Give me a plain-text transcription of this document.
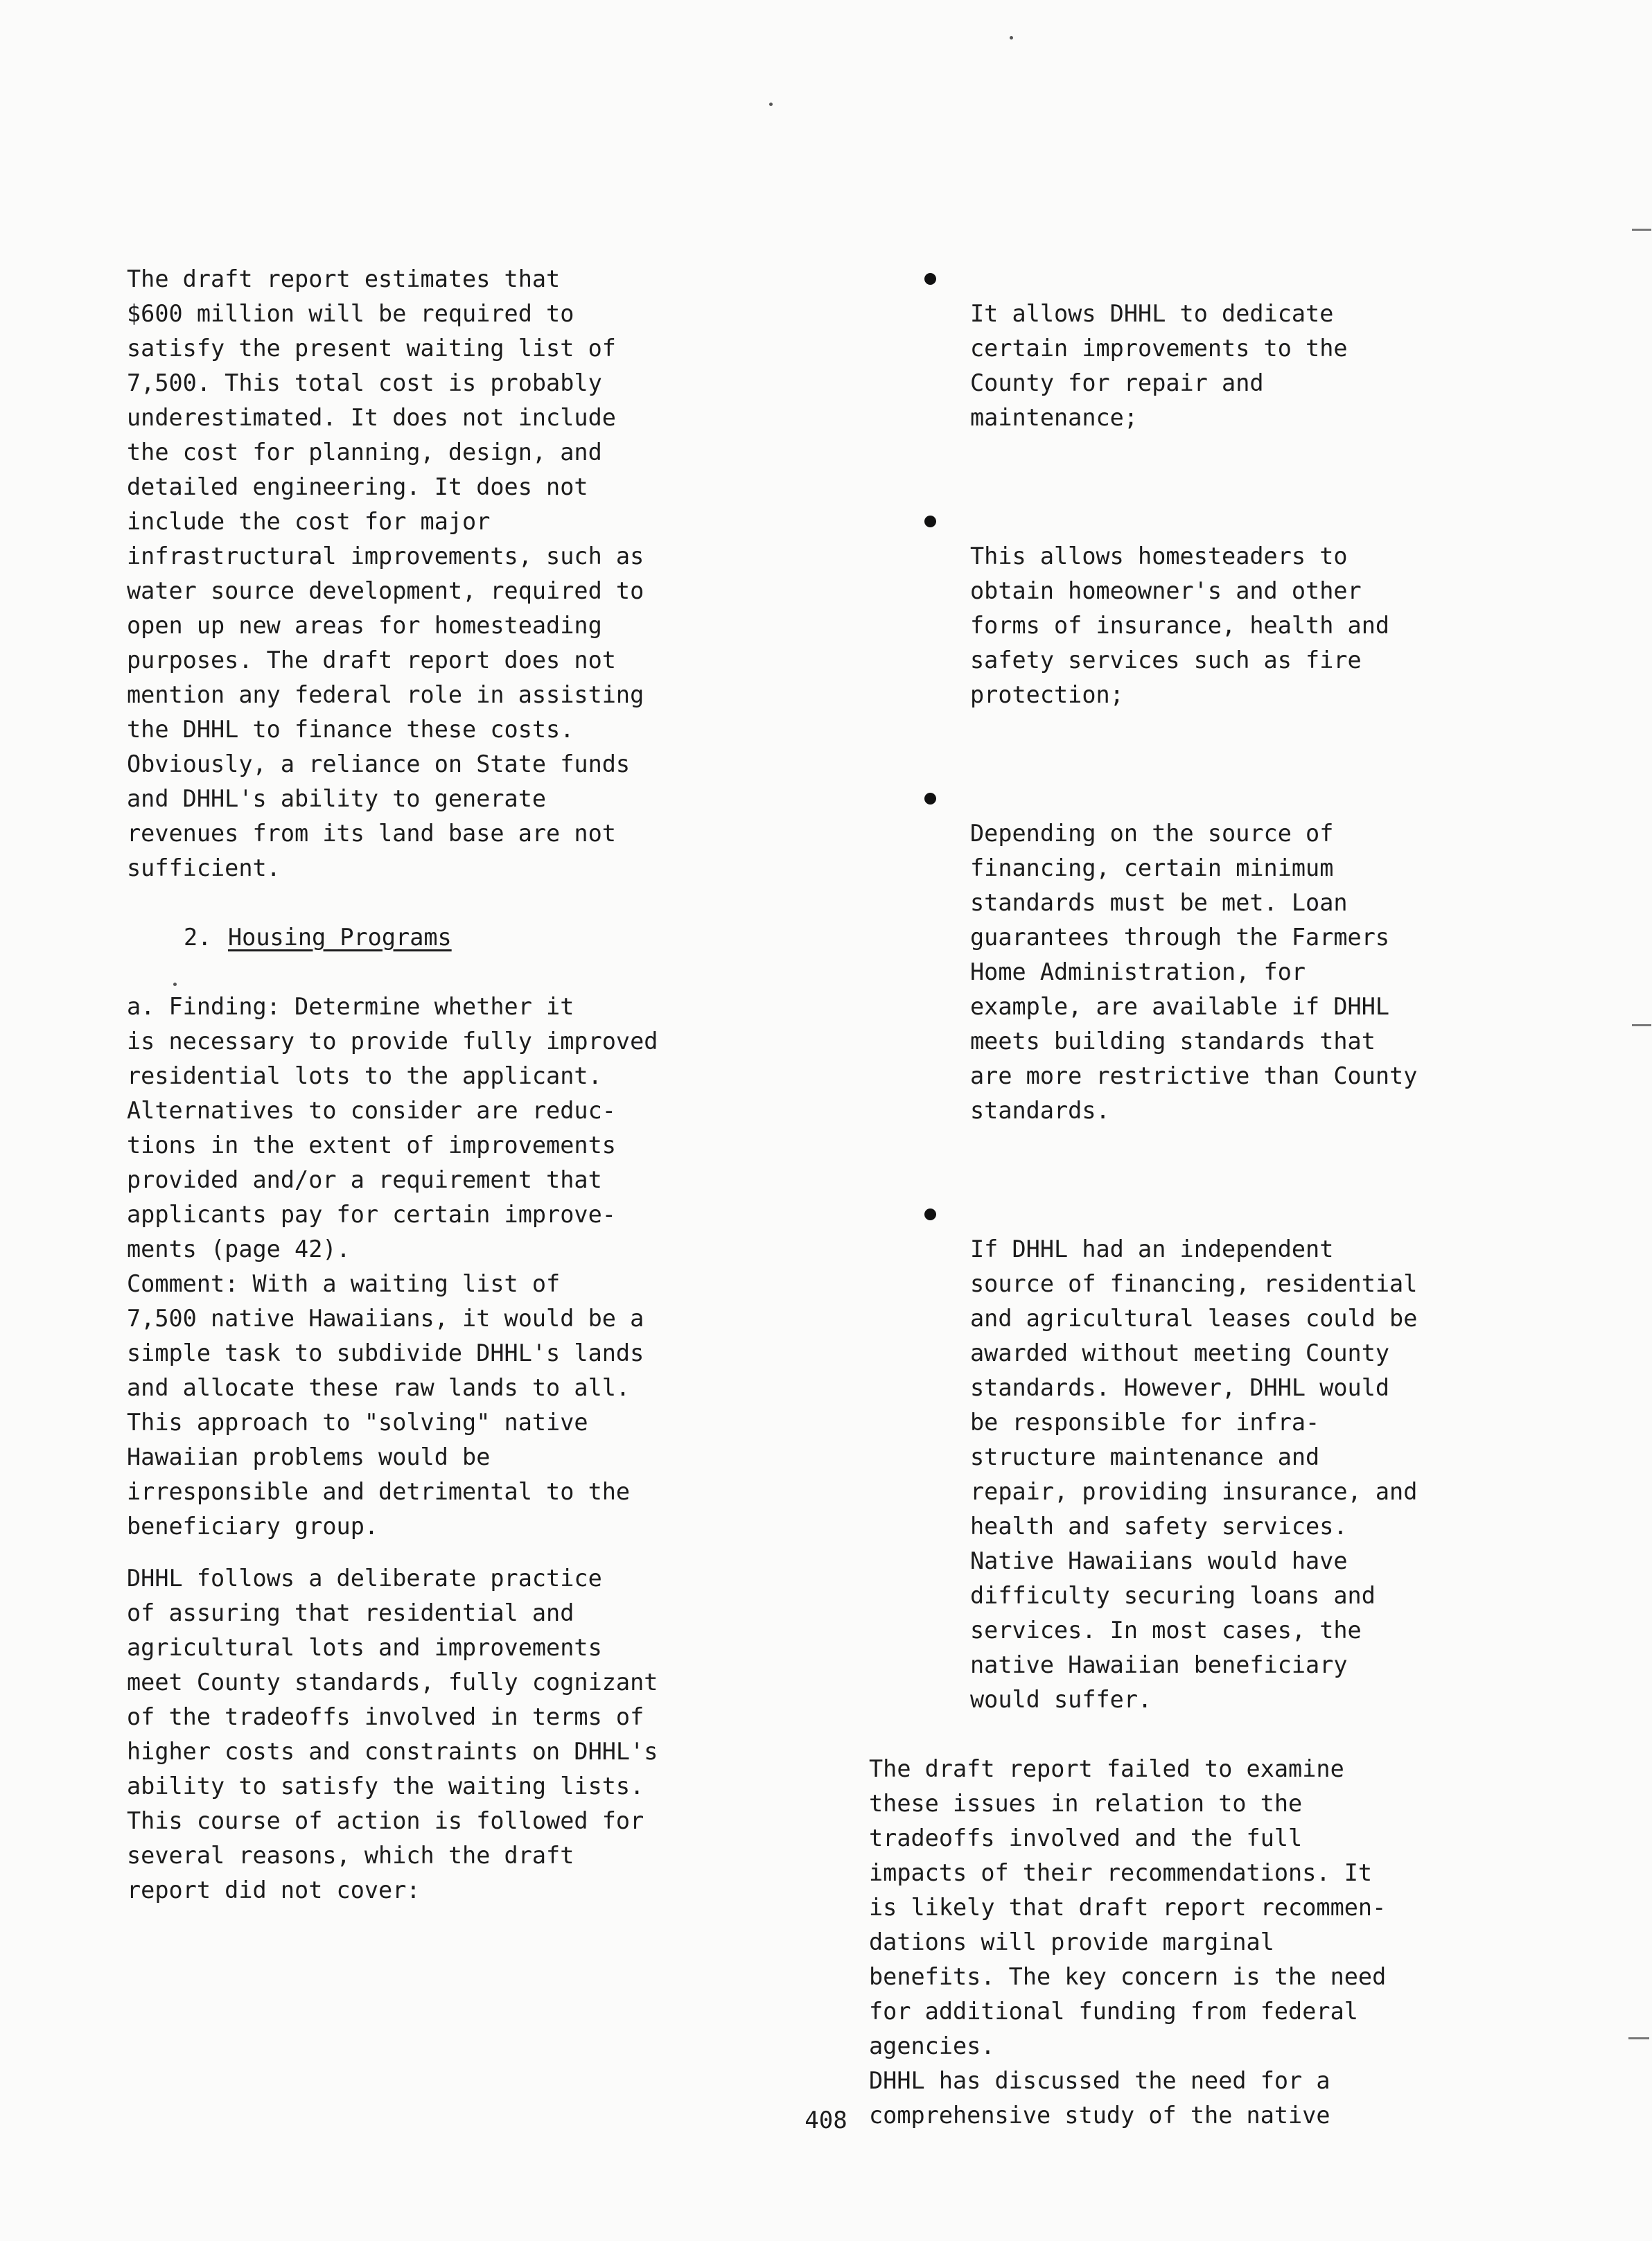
The draft report estimates that
$600 million will be required to
satisfy the present waiting list of
7,500. This total cost is probably
underestimated. It does not include
the cost for planning, design, and
detailed engineering. It does not
include the cost for major
infrastructural improvements, such as
water source development, required to
open up new areas for homesteading
purposes. The draft report does not
mention any federal role in assisting
the DHHL to finance these costs.
Obviously, a reliance on State funds
and DHHL's ability to generate
revenues from its land base are not
sufficient.

2. Housing Programs

a. Finding: Determine whether it
is necessary to provide fully improved
residential lots to the applicant.
Alternatives to consider are reduc-
tions in the extent of improvements
provided and/or a requirement that
applicants pay for certain improve-
ments (page 42).

Comment: With a waiting list of
7,500 native Hawaiians, it would be a
simple task to subdivide DHHL's lands
and allocate these raw lands to all.
This approach to "solving" native
Hawaiian problems would be
irresponsible and detrimental to the
beneficiary group.

DHHL follows a deliberate practice
of assuring that residential and
agricultural lots and improvements
meet County standards, fully cognizant
of the tradeoffs involved in terms of
higher costs and constraints on DHHL's
ability to satisfy the waiting lists.
This course of action is followed for
several reasons, which the draft
report did not cover:

It allows DHHL to dedicate
certain improvements to the
County for repair and
maintenance;

This allows homesteaders to
obtain homeowner's and other
forms of insurance, health and
safety services such as fire
protection;

Depending on the source of
financing, certain minimum
standards must be met. Loan
guarantees through the Farmers
Home Administration, for
example, are available if DHHL
meets building standards that
are more restrictive than County
standards.

If DHHL had an independent
source of financing, residential
and agricultural leases could be
awarded without meeting County
standards. However, DHHL would
be responsible for infra-
structure maintenance and
repair, providing insurance, and
health and safety services.
Native Hawaiians would have
difficulty securing loans and
services. In most cases, the
native Hawaiian beneficiary
would suffer.

The draft report failed to examine
these issues in relation to the
tradeoffs involved and the full
impacts of their recommendations. It
is likely that draft report recommen-
dations will provide marginal
benefits. The key concern is the need
for additional funding from federal
agencies.

DHHL has discussed the need for a
comprehensive study of the native

408
